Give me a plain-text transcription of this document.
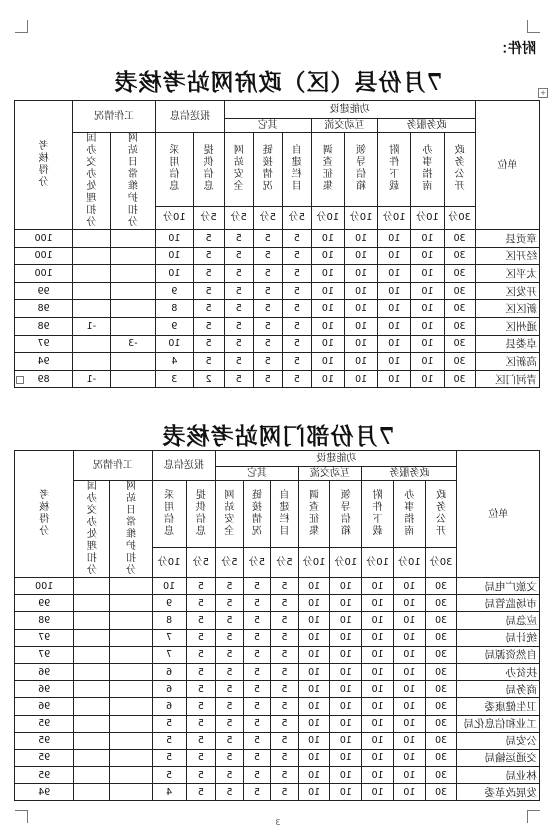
附件：
7月份县（区）政府网站考核表	+
单位	功能建设								报送信息		工作情况		考核得分
	政务服务			互动交流		其它							
	政务公开	办事指南	附件下载	领导信箱	调查征集	自建栏目	链接情况	网站安全	提供信息	采用信息	网站日常维护扣分	国办交办处理扣分	
	30分	10分	10分	10分	10分	5分	5分	5分	5分	10分			
章贡县	30	10	10	10	10	5	5	5	5	10			100
经开区	30	10	10	10	10	5	5	5	5	10			100
太平区	30	10	10	10	10	5	5	5	5	10			100
开发区	30	10	10	10	10	5	5	5	5	9			99
新区区	30	10	10	10	10	5	5	5	5	8			98
通州区	30	10	10	10	10	5	5	5	5	9		-1	98
卓娄县	30	10	10	10	10	5	5	5	5	10	-3		97
高新区	30	10	10	10	10	5	5	5	5	4			94
青河门区	30	10	10	10	10	5	5	5	2	3		-1	89
7月份部门网站考核表
单位	功能建设								报送信息		工作情况		考核得分
	政务服务			互动交流		其它							
	政务公开	办事指南	附件下载	领导信箱	调查征集	自建栏目	链接情况	网站安全	提供信息	采用信息	网站日常维护扣分	国办交办处理扣分	
	30分	10分	10分	10分	10分	5分	5分	5分	5分	10分			
文旅广电局	30	10	10	10	10	5	5	5	5	10			100
市场监管局	30	10	10	10	10	5	5	5	5	9			99
应急局	30	10	10	10	10	5	5	5	5	8			98
统计局	30	10	10	10	10	5	5	5	5	7			97
自然资源局	30	10	10	10	10	5	5	5	5	7			97
扶贫办	30	10	10	10	10	5	5	5	5	6			96
商务局	30	10	10	10	10	5	5	5	5	6			96
卫生健康委	30	10	10	10	10	5	5	5	5	6			96
工业和信息化局	30	10	10	10	10	5	5	5	5	5			95
公安局	30	10	10	10	10	5	5	5	5	5			95
交通运输局	30	10	10	10	10	5	5	5	5	5			95
林业局	30	10	10	10	10	5	5	5	5	5			95
发展改革委	30	10	10	10	10	5	5	5	5	4			94
3
